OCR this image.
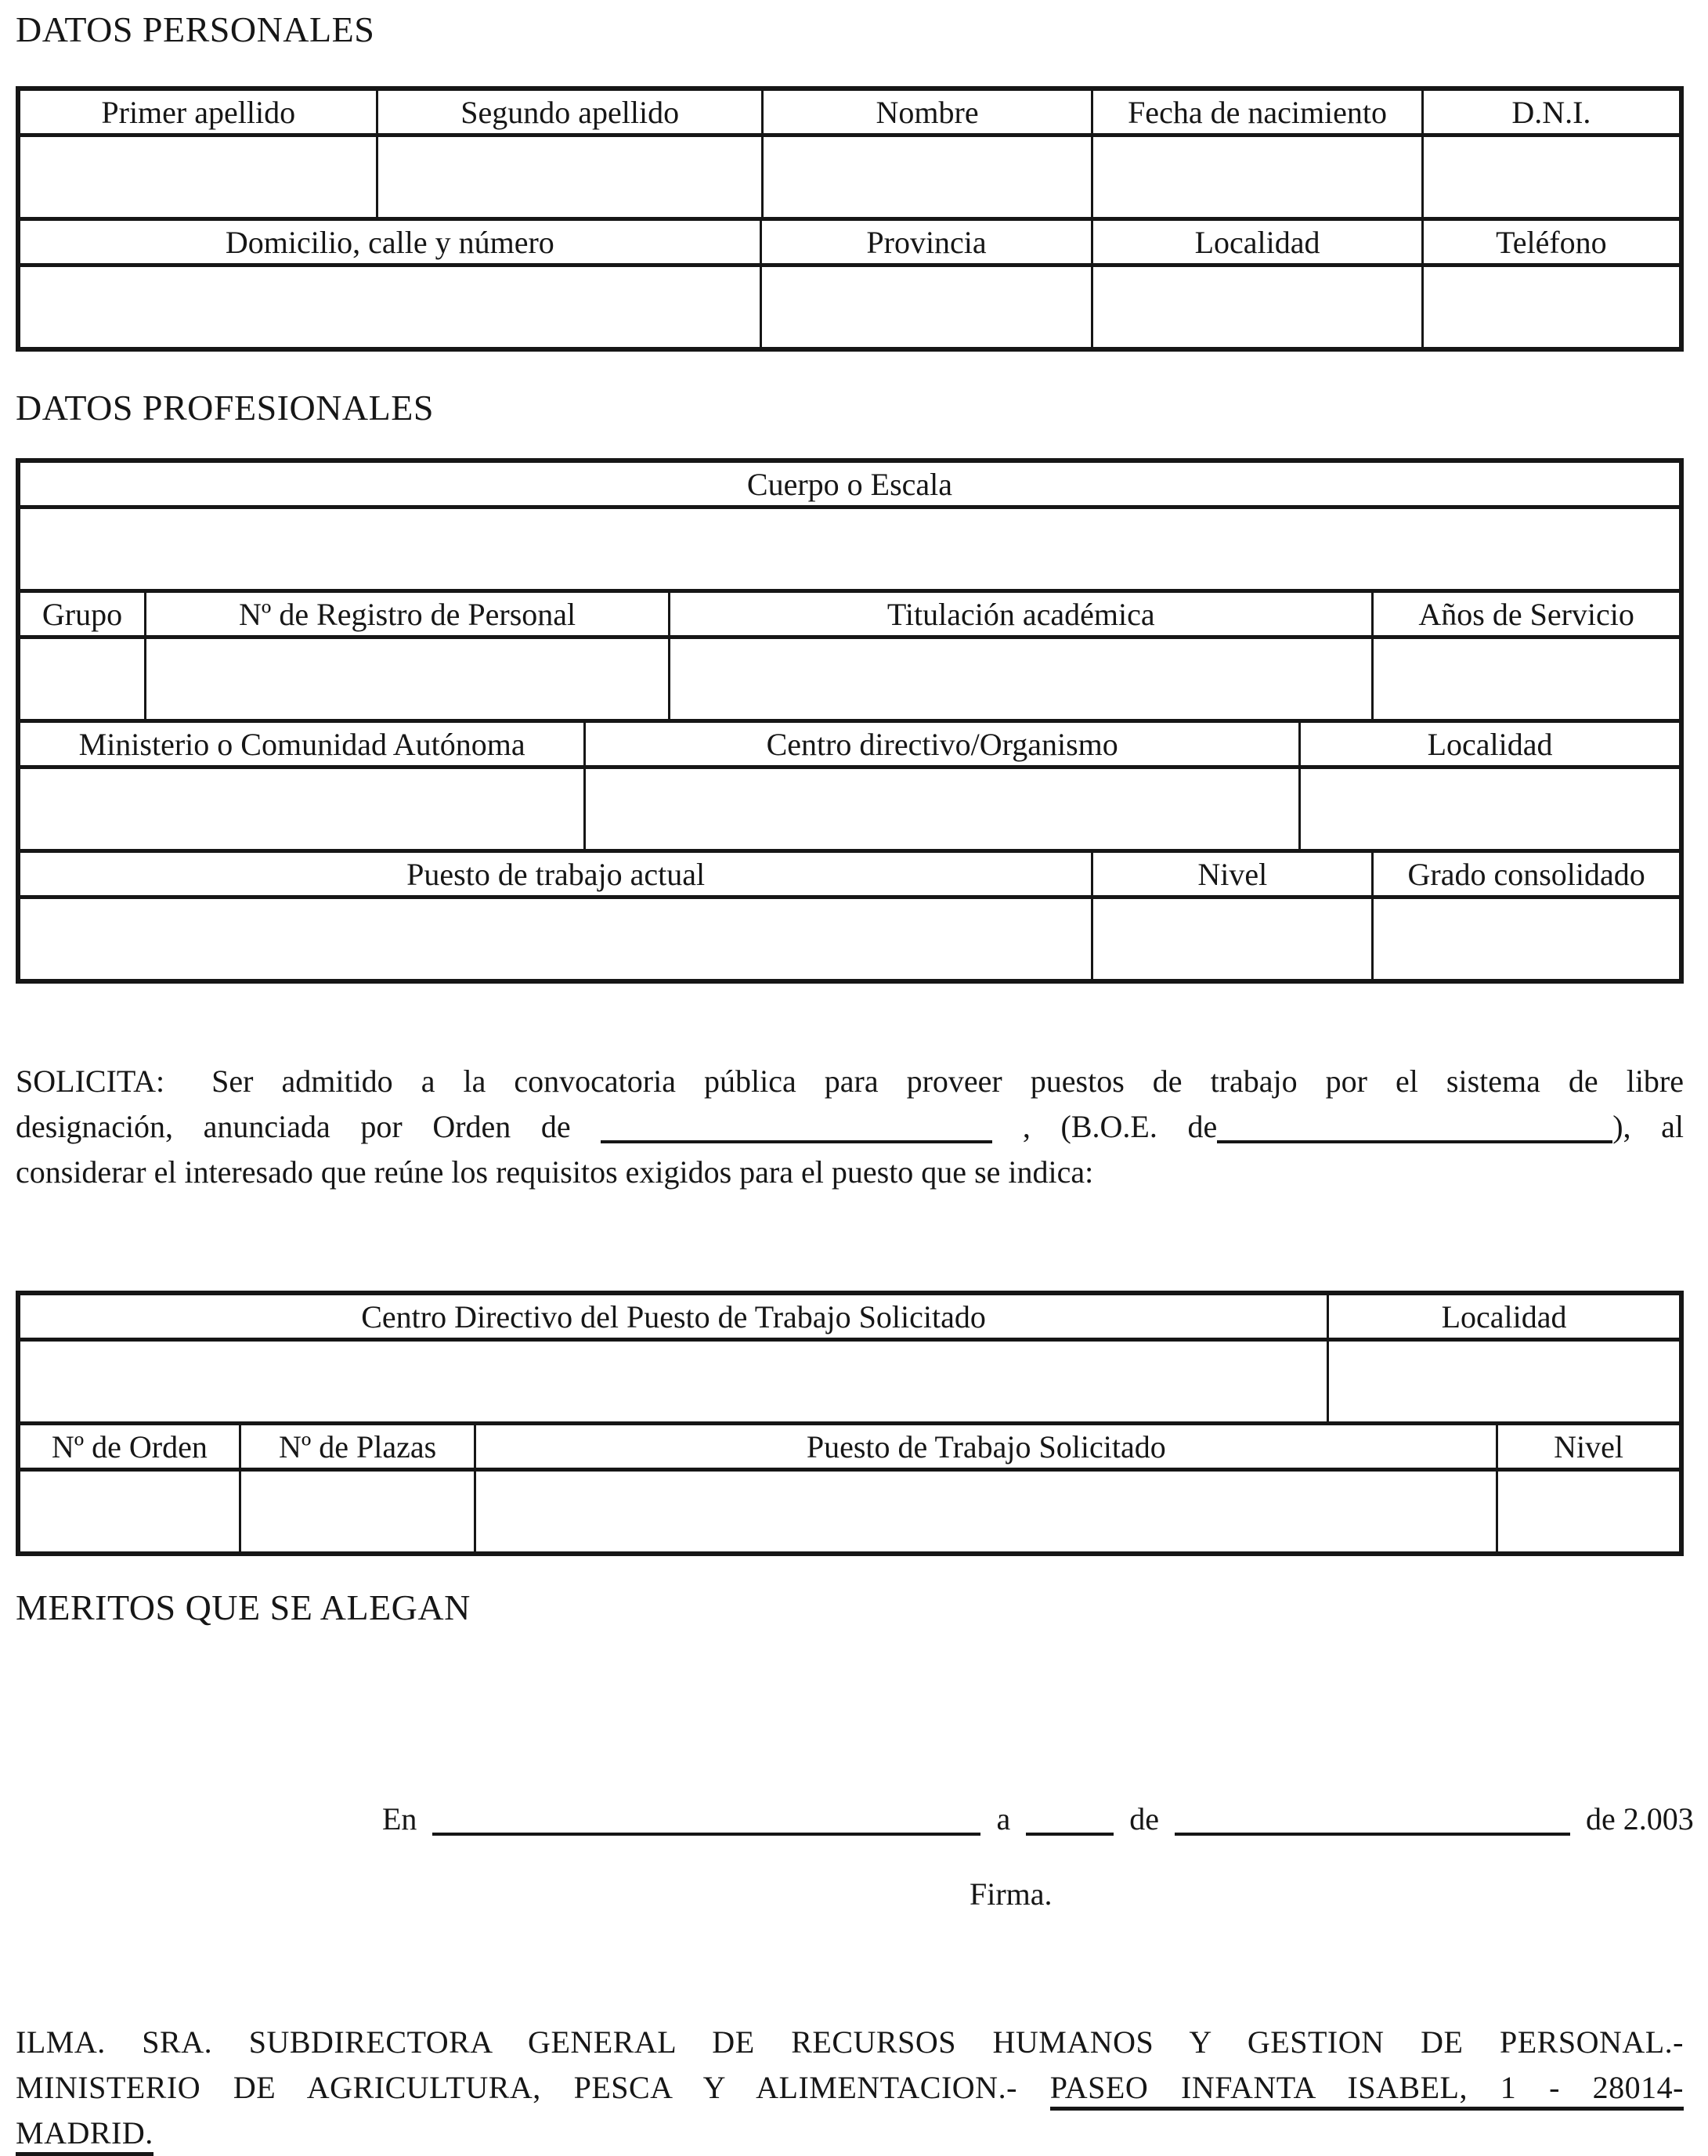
DATOS PERSONALES
Primer apellido	Segundo apellido	Nombre	Fecha de nacimiento	D.N.I.
Domicilio, calle y número	Provincia	Localidad	Teléfono
DATOS PROFESIONALES
Cuerpo o Escala
Grupo	Nº de Registro de Personal	Titulación académica	Años de Servicio
Ministerio o Comunidad Autónoma	Centro directivo/Organismo	Localidad
Puesto de trabajo actual	Nivel	Grado consolidado
SOLICITA: Ser admitido a la convocatoria pública para proveer puestos de trabajo por el sistema de libre
designación, anunciada por Orden de	, (B.O.E. de	), al
considerar el interesado que reúne los requisitos exigidos para el puesto que se indica:
Centro Directivo del Puesto de Trabajo Solicitado	Localidad
Nº de Orden	Nº de Plazas	Puesto de Trabajo Solicitado	Nivel
MERITOS QUE SE ALEGAN
En	a	de	de 2.003
Firma.
ILMA. SRA. SUBDIRECTORA GENERAL DE RECURSOS HUMANOS Y GESTION DE PERSONAL.-
MINISTERIO DE AGRICULTURA, PESCA Y ALIMENTACION.- PASEO INFANTA ISABEL, 1 - 28014-
MADRID.
